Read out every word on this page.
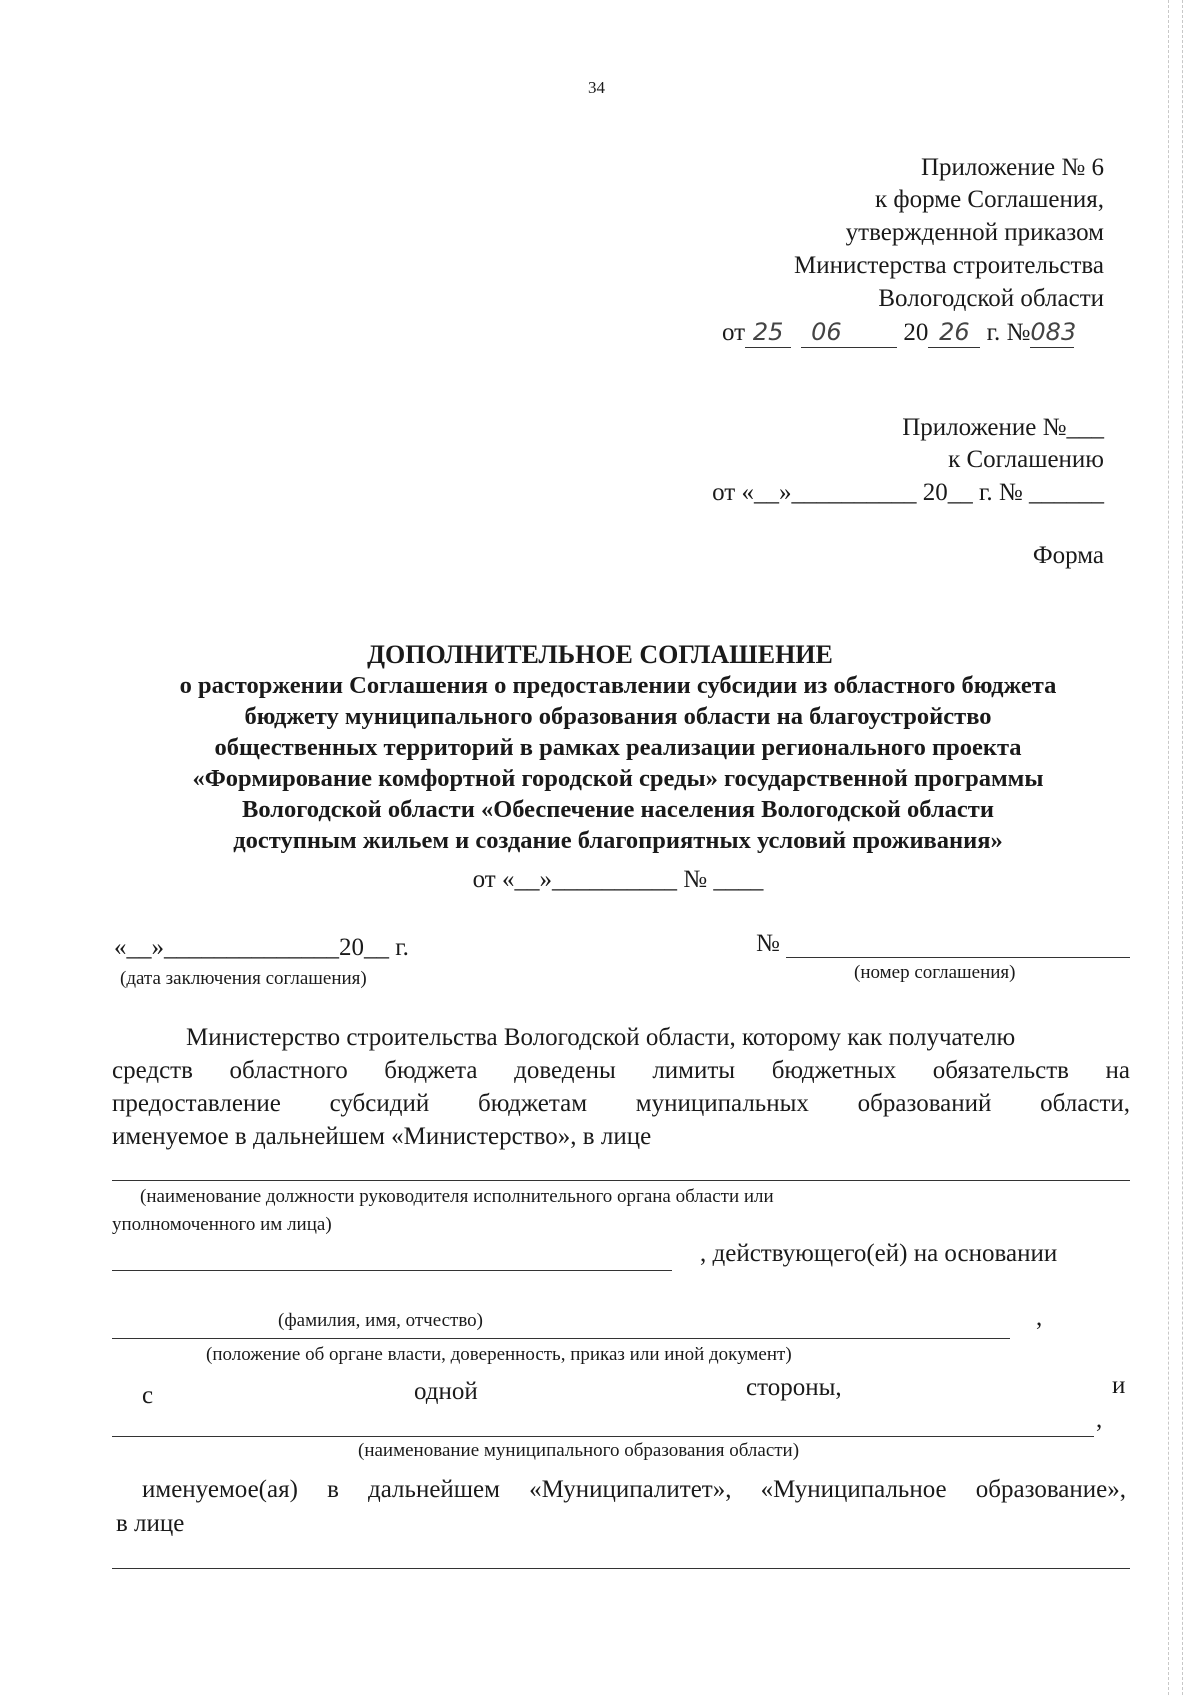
34
Приложение № 6
к форме Соглашения,
утвержденной приказом
Министерства строительства
Вологодской области
от 25 06 20 26 г. №083
Приложение №___
к Соглашению
от «__»__________ 20__ г. № ______
Форма
ДОПОЛНИТЕЛЬНОЕ СОГЛАШЕНИЕ
о расторжении Соглашения о предоставлении субсидии из областного бюджета
бюджету муниципального образования области на благоустройство
общественных территорий в рамках реализации регионального проекта
«Формирование комфортной городской среды» государственной программы
Вологодской области «Обеспечение населения Вологодской области
доступным жильем и создание благоприятных условий проживания»
от «__»__________ № ____
«__»______________20__ г.
(дата заключения соглашения)
№
(номер соглашения)
Министерство строительства Вологодской области, которому как получателю
средств областного бюджета доведены лимиты бюджетных обязательств на
предоставление субсидий бюджетам муниципальных образований области,
именуемое в дальнейшем «Министерство», в лице
(наименование должности руководителя исполнительного органа области или
уполномоченного им лица)
, действующего(ей) на основании
(фамилия, имя, отчество)	,
(положение об органе власти, доверенность, приказ или иной документ)
с	одной	стороны,	и
,
(наименование муниципального образования области)
именуемое(ая) в дальнейшем «Муниципалитет», «Муниципальное образование»,
в лице
